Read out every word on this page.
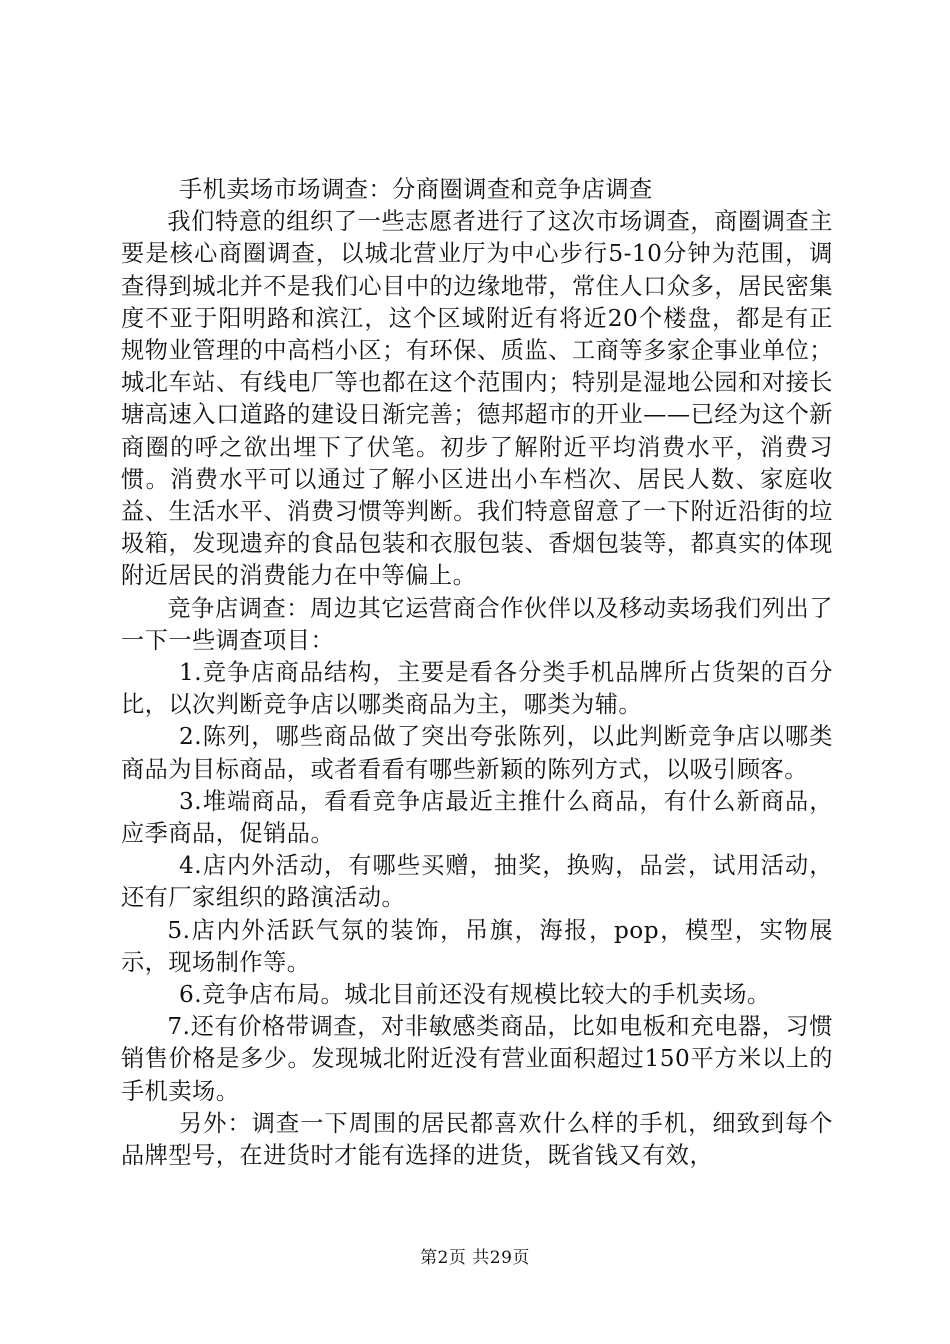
手机卖场市场调查：分商圈调查和竞争店调查

我们特意的组织了一些志愿者进行了这次市场调查，商圈调查主要是核心商圈调查，以城北营业厅为中心步行5-10分钟为范围，调查得到城北并不是我们心目中的边缘地带，常住人口众多，居民密集度不亚于阳明路和滨江，这个区域附近有将近20个楼盘，都是有正规物业管理的中高档小区；有环保、质监、工商等多家企事业单位；城北车站、有线电厂等也都在这个范围内；特别是湿地公园和对接长塘高速入口道路的建设日渐完善；德邦超市的开业——已经为这个新商圈的呼之欲出埋下了伏笔。初步了解附近平均消费水平，消费习惯。消费水平可以通过了解小区进出小车档次、居民人数、家庭收益、生活水平、消费习惯等判断。我们特意留意了一下附近沿街的垃圾箱，发现遗弃的食品包装和衣服包装、香烟包装等，都真实的体现附近居民的消费能力在中等偏上。

竞争店调查：周边其它运营商合作伙伴以及移动卖场我们列出了一下一些调查项目：

1.竞争店商品结构，主要是看各分类手机品牌所占货架的百分比，以次判断竞争店以哪类商品为主，哪类为辅。

2.陈列，哪些商品做了突出夸张陈列，以此判断竞争店以哪类商品为目标商品，或者看看有哪些新颖的陈列方式，以吸引顾客。

3.堆端商品，看看竞争店最近主推什么商品，有什么新商品，应季商品，促销品。

4.店内外活动，有哪些买赠，抽奖，换购，品尝，试用活动，还有厂家组织的路演活动。

5.店内外活跃气氛的装饰，吊旗，海报，pop，模型，实物展示，现场制作等。

6.竞争店布局。城北目前还没有规模比较大的手机卖场。

7.还有价格带调查，对非敏感类商品，比如电板和充电器，习惯销售价格是多少。发现城北附近没有营业面积超过150平方米以上的手机卖场。

另外：调查一下周围的居民都喜欢什么样的手机，细致到每个品牌型号，在进货时才能有选择的进货，既省钱又有效，

第2页 共29页
